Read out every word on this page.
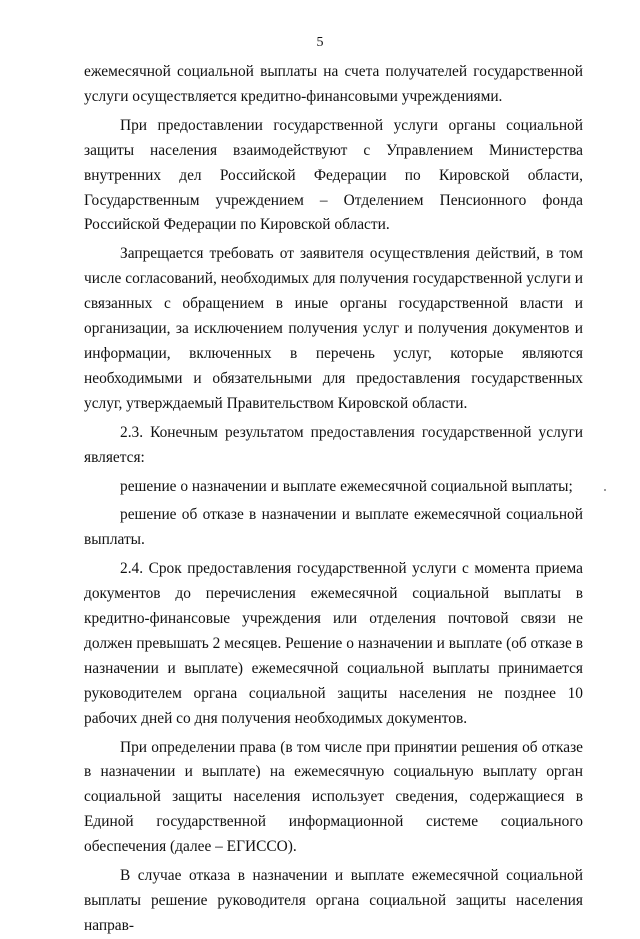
5

ежемесячной социальной выплаты на счета получателей государственной услуги осуществляется кредитно-финансовыми учреждениями.

При предоставлении государственной услуги органы социальной защиты населения взаимодействуют с Управлением Министерства внутренних дел Российской Федерации по Кировской области, Государственным учреждением – Отделением Пенсионного фонда Российской Федерации по Кировской области.

Запрещается требовать от заявителя осуществления действий, в том числе согласований, необходимых для получения государственной услуги и связанных с обращением в иные органы государственной власти и организации, за исключением получения услуг и получения документов и информации, включенных в перечень услуг, которые являются необходимыми и обязательными для предоставления государственных услуг, утверждаемый Правительством Кировской области.

2.3. Конечным результатом предоставления государственной услуги является:

решение о назначении и выплате ежемесячной социальной выплаты;

решение об отказе в назначении и выплате ежемесячной социальной выплаты.

2.4. Срок предоставления государственной услуги с момента приема документов до перечисления ежемесячной социальной выплаты в кредитно-финансовые учреждения или отделения почтовой связи не должен превышать 2 месяцев. Решение о назначении и выплате (об отказе в назначении и выплате) ежемесячной социальной выплаты принимается руководителем органа социальной защиты населения не позднее 10 рабочих дней со дня получения необходимых документов.

При определении права (в том числе при принятии решения об отказе в назначении и выплате) на ежемесячную социальную выплату орган социальной защиты населения использует сведения, содержащиеся в Единой государственной информационной системе социального обеспечения (далее – ЕГИССО).

В случае отказа в назначении и выплате ежемесячной социальной выплаты решение руководителя органа социальной защиты населения направ-
